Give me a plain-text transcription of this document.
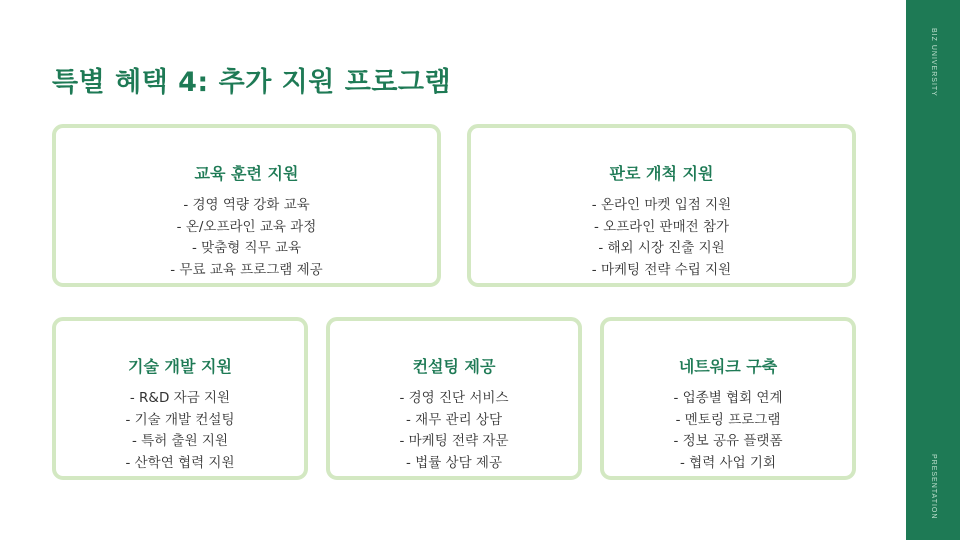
특별 혜택 4: 추가 지원 프로그램	BIZ UNIVERSITY
PRESENTATION
교육 훈련 지원
- 경영 역량 강화 교육
- 온/오프라인 교육 과정
- 맞춤형 직무 교육
- 무료 교육 프로그램 제공
판로 개척 지원
- 온라인 마켓 입점 지원
- 오프라인 판매전 참가
- 해외 시장 진출 지원
- 마케팅 전략 수립 지원
기술 개발 지원
- R&D 자금 지원
- 기술 개발 컨설팅
- 특허 출원 지원
- 산학연 협력 지원
컨설팅 제공
- 경영 진단 서비스
- 재무 관리 상담
- 마케팅 전략 자문
- 법률 상담 제공
네트워크 구축
- 업종별 협회 연계
- 멘토링 프로그램
- 정보 공유 플랫폼
- 협력 사업 기회
